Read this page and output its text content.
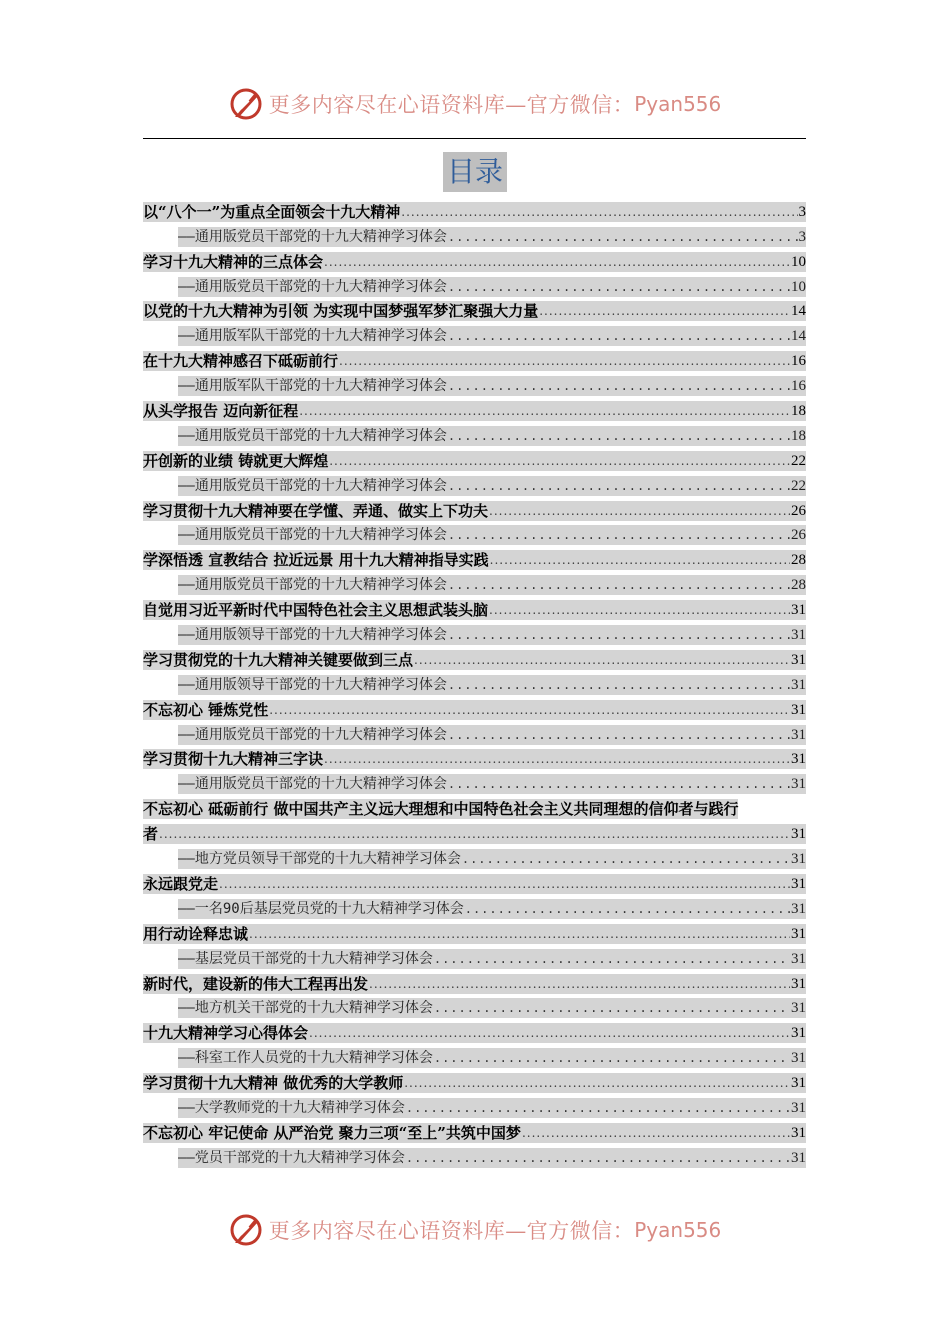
更多内容尽在心语资料库—官方微信： Pyan556
目录
以“八个一”为重点全面领会十九大精神 .....	3
——通用版党员干部党的十九大精神学习体会 .....	3
学习十九大精神的三点体会 .....	10
——通用版党员干部党的十九大精神学习体会 .....	10
以党的十九大精神为引领 为实现中国梦强军梦汇聚强大力量 .....	14
——通用版军队干部党的十九大精神学习体会 .....	14
在十九大精神感召下砥砺前行 .....	16
——通用版军队干部党的十九大精神学习体会 .....	16
从头学报告 迈向新征程 .....	18
——通用版党员干部党的十九大精神学习体会 .....	18
开创新的业绩 铸就更大辉煌 .....	22
——通用版党员干部党的十九大精神学习体会 .....	22
学习贯彻十九大精神要在学懂、弄通、做实上下功夫 .....	26
——通用版党员干部党的十九大精神学习体会 .....	26
学深悟透 宣教结合 拉近远景 用十九大精神指导实践 .....	28
——通用版党员干部党的十九大精神学习体会 .....	28
自觉用习近平新时代中国特色社会主义思想武装头脑 .....	31
——通用版领导干部党的十九大精神学习体会 .....	31
学习贯彻党的十九大精神关键要做到三点 .....	31
——通用版领导干部党的十九大精神学习体会 .....	31
不忘初心 锤炼党性 .....	31
——通用版党员干部党的十九大精神学习体会 .....	31
学习贯彻十九大精神三字诀 .....	31
——通用版党员干部党的十九大精神学习体会 .....	31
不忘初心 砥砺前行 做中国共产主义远大理想和中国特色社会主义共同理想的信仰者与践行
者 .....	31
——地方党员领导干部党的十九大精神学习体会 .....	31
永远跟党走 .....	31
——一名90后基层党员党的十九大精神学习体会 .....	31
用行动诠释忠诚 .....	31
——基层党员干部党的十九大精神学习体会 .....	31
新时代，建设新的伟大工程再出发 .....	31
——地方机关干部党的十九大精神学习体会 .....	31
十九大精神学习心得体会 .....	31
——科室工作人员党的十九大精神学习体会 .....	31
学习贯彻十九大精神 做优秀的大学教师 .....	31
——大学教师党的十九大精神学习体会 .....	31
不忘初心 牢记使命 从严治党 聚力三项“至上”共筑中国梦 .....	31
——党员干部党的十九大精神学习体会 .....	31
更多内容尽在心语资料库—官方微信： Pyan556
